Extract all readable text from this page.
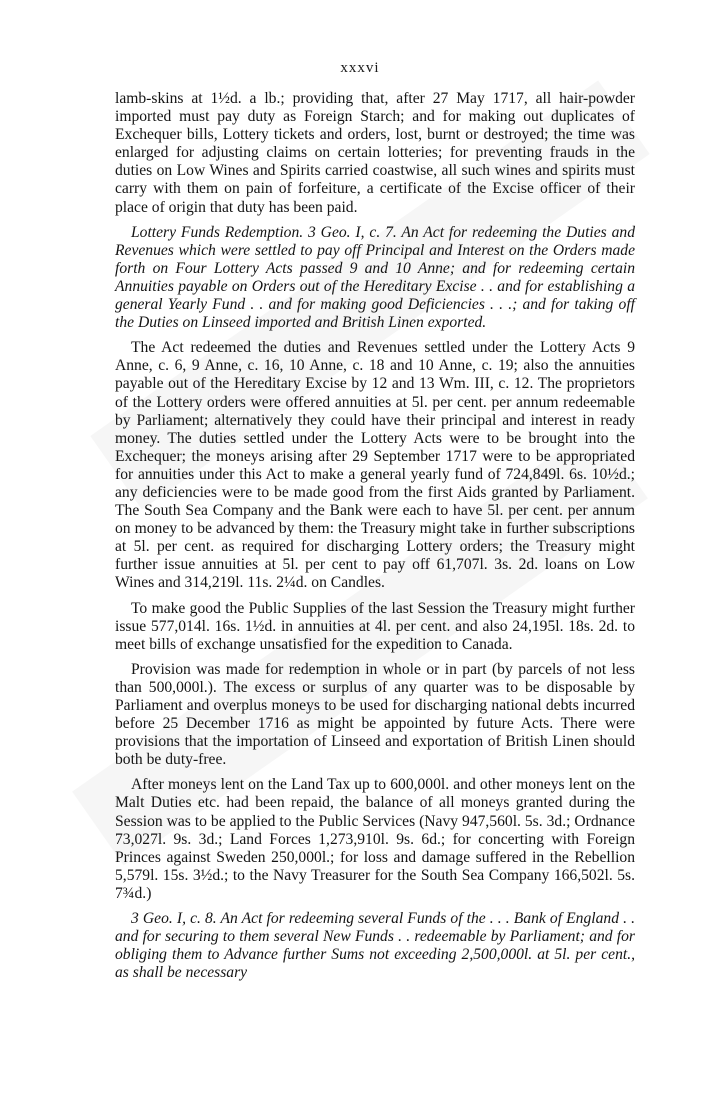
xxxvi

lamb-skins at 1½d. a lb.; providing that, after 27 May 1717, all hair-powder imported must pay duty as Foreign Starch; and for making out duplicates of Exchequer bills, Lottery tickets and orders, lost, burnt or destroyed; the time was enlarged for adjusting claims on certain lotteries; for preventing frauds in the duties on Low Wines and Spirits carried coastwise, all such wines and spirits must carry with them on pain of forfeiture, a certificate of the Excise officer of their place of origin that duty has been paid.

Lottery Funds Redemption. 3 Geo. I, c. 7. An Act for redeeming the Duties and Revenues which were settled to pay off Principal and Interest on the Orders made forth on Four Lottery Acts passed 9 and 10 Anne; and for redeeming certain Annuities payable on Orders out of the Hereditary Excise . . and for establishing a general Yearly Fund . . and for making good Deficiencies . . .; and for taking off the Duties on Linseed imported and British Linen exported.

The Act redeemed the duties and Revenues settled under the Lottery Acts 9 Anne, c. 6, 9 Anne, c. 16, 10 Anne, c. 18 and 10 Anne, c. 19; also the annuities payable out of the Hereditary Excise by 12 and 13 Wm. III, c. 12. The proprietors of the Lottery orders were offered annuities at 5l. per cent. per annum redeemable by Parliament; alternatively they could have their principal and interest in ready money. The duties settled under the Lottery Acts were to be brought into the Exchequer; the moneys arising after 29 September 1717 were to be appropriated for annuities under this Act to make a general yearly fund of 724,849l. 6s. 10½d.; any deficiencies were to be made good from the first Aids granted by Parliament. The South Sea Company and the Bank were each to have 5l. per cent. per annum on money to be advanced by them: the Treasury might take in further subscriptions at 5l. per cent. as required for discharging Lottery orders; the Treasury might further issue annuities at 5l. per cent to pay off 61,707l. 3s. 2d. loans on Low Wines and 314,219l. 11s. 2¼d. on Candles.

To make good the Public Supplies of the last Session the Treasury might further issue 577,014l. 16s. 1½d. in annuities at 4l. per cent. and also 24,195l. 18s. 2d. to meet bills of exchange unsatisfied for the expedition to Canada.

Provision was made for redemption in whole or in part (by parcels of not less than 500,000l.). The excess or surplus of any quarter was to be disposable by Parliament and overplus moneys to be used for discharging national debts incurred before 25 December 1716 as might be appointed by future Acts. There were provisions that the importation of Linseed and exportation of British Linen should both be duty-free.

After moneys lent on the Land Tax up to 600,000l. and other moneys lent on the Malt Duties etc. had been repaid, the balance of all moneys granted during the Session was to be applied to the Public Services (Navy 947,560l. 5s. 3d.; Ordnance 73,027l. 9s. 3d.; Land Forces 1,273,910l. 9s. 6d.; for concerting with Foreign Princes against Sweden 250,000l.; for loss and damage suffered in the Rebellion 5,579l. 15s. 3½d.; to the Navy Treasurer for the South Sea Company 166,502l. 5s. 7¾d.)

3 Geo. I, c. 8. An Act for redeeming several Funds of the . . . Bank of England . . and for securing to them several New Funds . . redeemable by Parliament; and for obliging them to Advance further Sums not exceeding 2,500,000l. at 5l. per cent., as shall be necessary
